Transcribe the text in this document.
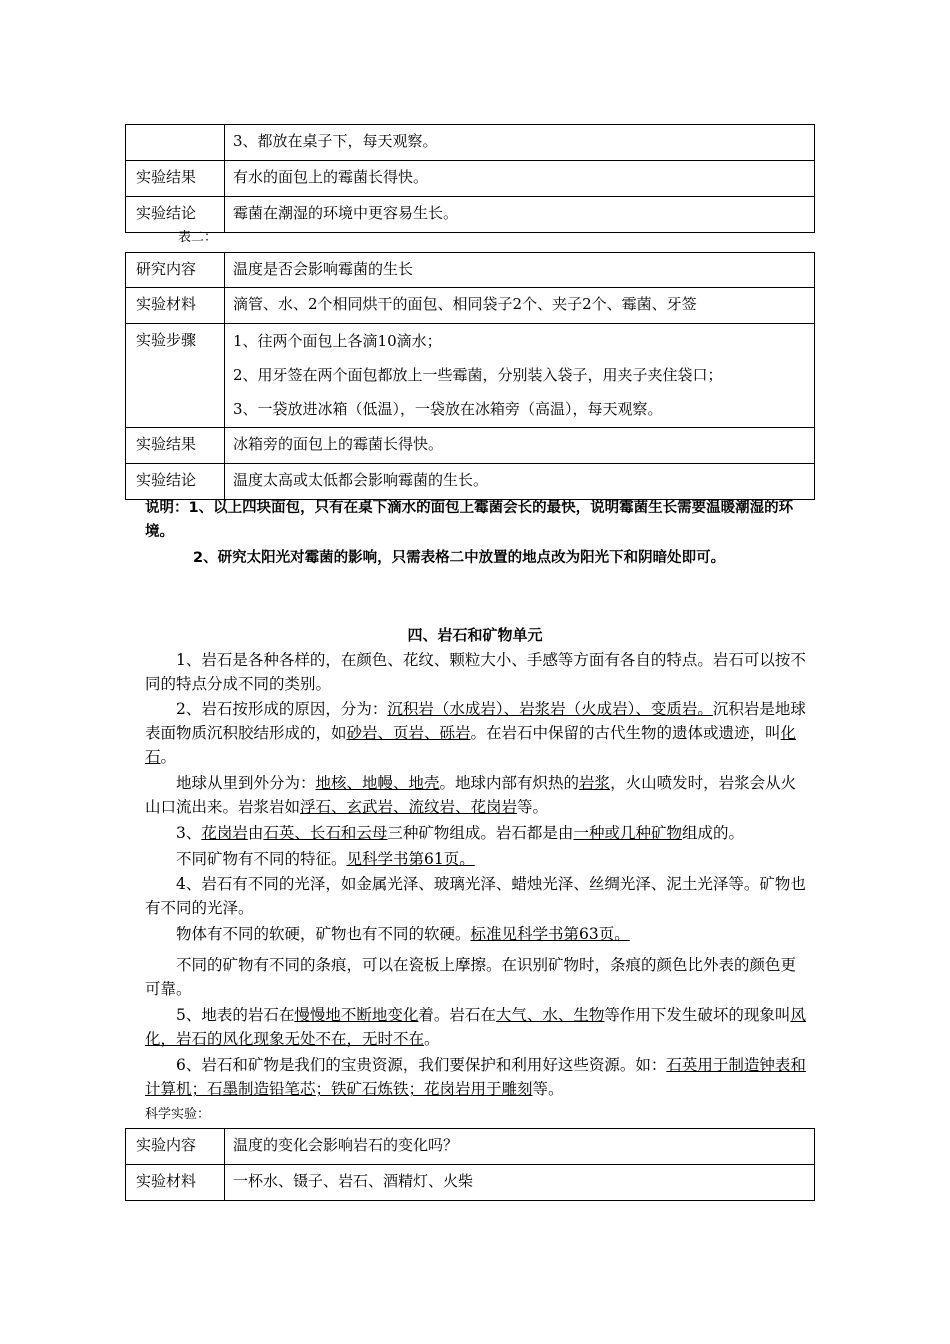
	3、都放在桌子下，每天观察。
实验结果	有水的面包上的霉菌长得快。
实验结论	霉菌在潮湿的环境中更容易生长。
表二：
研究内容	温度是否会影响霉菌的生长
实验材料	滴管、水、2个相同烘干的面包、相同袋子2个、夹子2个、霉菌、牙签
实验步骤	1、往两个面包上各滴10滴水；
2、用牙签在两个面包都放上一些霉菌，分别装入袋子，用夹子夹住袋口；
3、一袋放进冰箱（低温），一袋放在冰箱旁（高温），每天观察。

实验结果	冰箱旁的面包上的霉菌长得快。
实验结论	温度太高或太低都会影响霉菌的生长。
说明：1、以上四块面包，只有在桌下滴水的面包上霉菌会长的最快，说明霉菌生长需要温暖潮湿的环境。
2、研究太阳光对霉菌的影响，只需表格二中放置的地点改为阳光下和阴暗处即可。
四、岩石和矿物单元
1、岩石是各种各样的，在颜色、花纹、颗粒大小、手感等方面有各自的特点。岩石可以按不同的特点分成不同的类别。
2、岩石按形成的原因，分为：沉积岩（水成岩）、岩浆岩（火成岩）、变质岩。沉积岩是地球表面物质沉积胶结形成的，如砂岩、页岩、砾岩。在岩石中保留的古代生物的遗体或遗迹，叫化石。
地球从里到外分为：地核、地幔、地壳。地球内部有炽热的岩浆，火山喷发时，岩浆会从火山口流出来。岩浆岩如浮石、玄武岩、流纹岩、花岗岩等。
3、花岗岩由石英、长石和云母三种矿物组成。岩石都是由一种或几种矿物组成的。
不同矿物有不同的特征。见科学书第61页。
4、岩石有不同的光泽，如金属光泽、玻璃光泽、蜡烛光泽、丝绸光泽、泥土光泽等。矿物也有不同的光泽。
物体有不同的软硬，矿物也有不同的软硬。标准见科学书第63页。
不同的矿物有不同的条痕，可以在瓷板上摩擦。在识别矿物时，条痕的颜色比外表的颜色更可靠。
5、地表的岩石在慢慢地不断地变化着。岩石在大气、水、生物等作用下发生破坏的现象叫风化，岩石的风化现象无处不在，无时不在。
6、岩石和矿物是我们的宝贵资源，我们要保护和利用好这些资源。如：石英用于制造钟表和计算机；石墨制造铅笔芯；铁矿石炼铁；花岗岩用于雕刻等。
科学实验：
实验内容	温度的变化会影响岩石的变化吗？
实验材料	一杯水、镊子、岩石、酒精灯、火柴
